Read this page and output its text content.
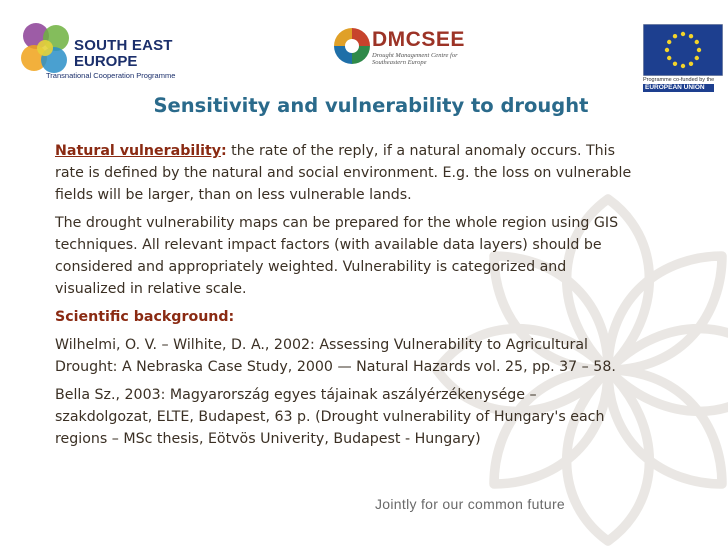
SOUTH EAST
EUROPE
Transnational Cooperation Programme
DMCSEE
Drought Management Centre for Southeastern Europe
Programme co-funded by the
EUROPEAN UNION
Sensitivity and vulnerability to drought

Natural vulnerability: the rate of the reply, if a natural anomaly occurs. This rate is defined by the natural and social environment. E.g. the loss on vulnerable fields will be larger, than on less vulnerable lands.

The drought vulnerability maps can be prepared for the whole region using GIS techniques. All relevant impact factors (with available data layers) should be considered and appropriately weighted. Vulnerability is categorized and visualized in relative scale.

Scientific background:

Wilhelmi, O. V. – Wilhite, D. A., 2002: Assessing Vulnerability to Agricultural Drought: A Nebraska Case Study, 2000 — Natural Hazards vol. 25, pp. 37 – 58.

Bella Sz., 2003: Magyarország egyes tájainak aszályérzékenysége – szakdolgozat, ELTE, Budapest, 63 p. (Drought vulnerability of Hungary's each regions – MSc thesis, Eötvös Univerity, Budapest - Hungary)

Jointly for our common future
